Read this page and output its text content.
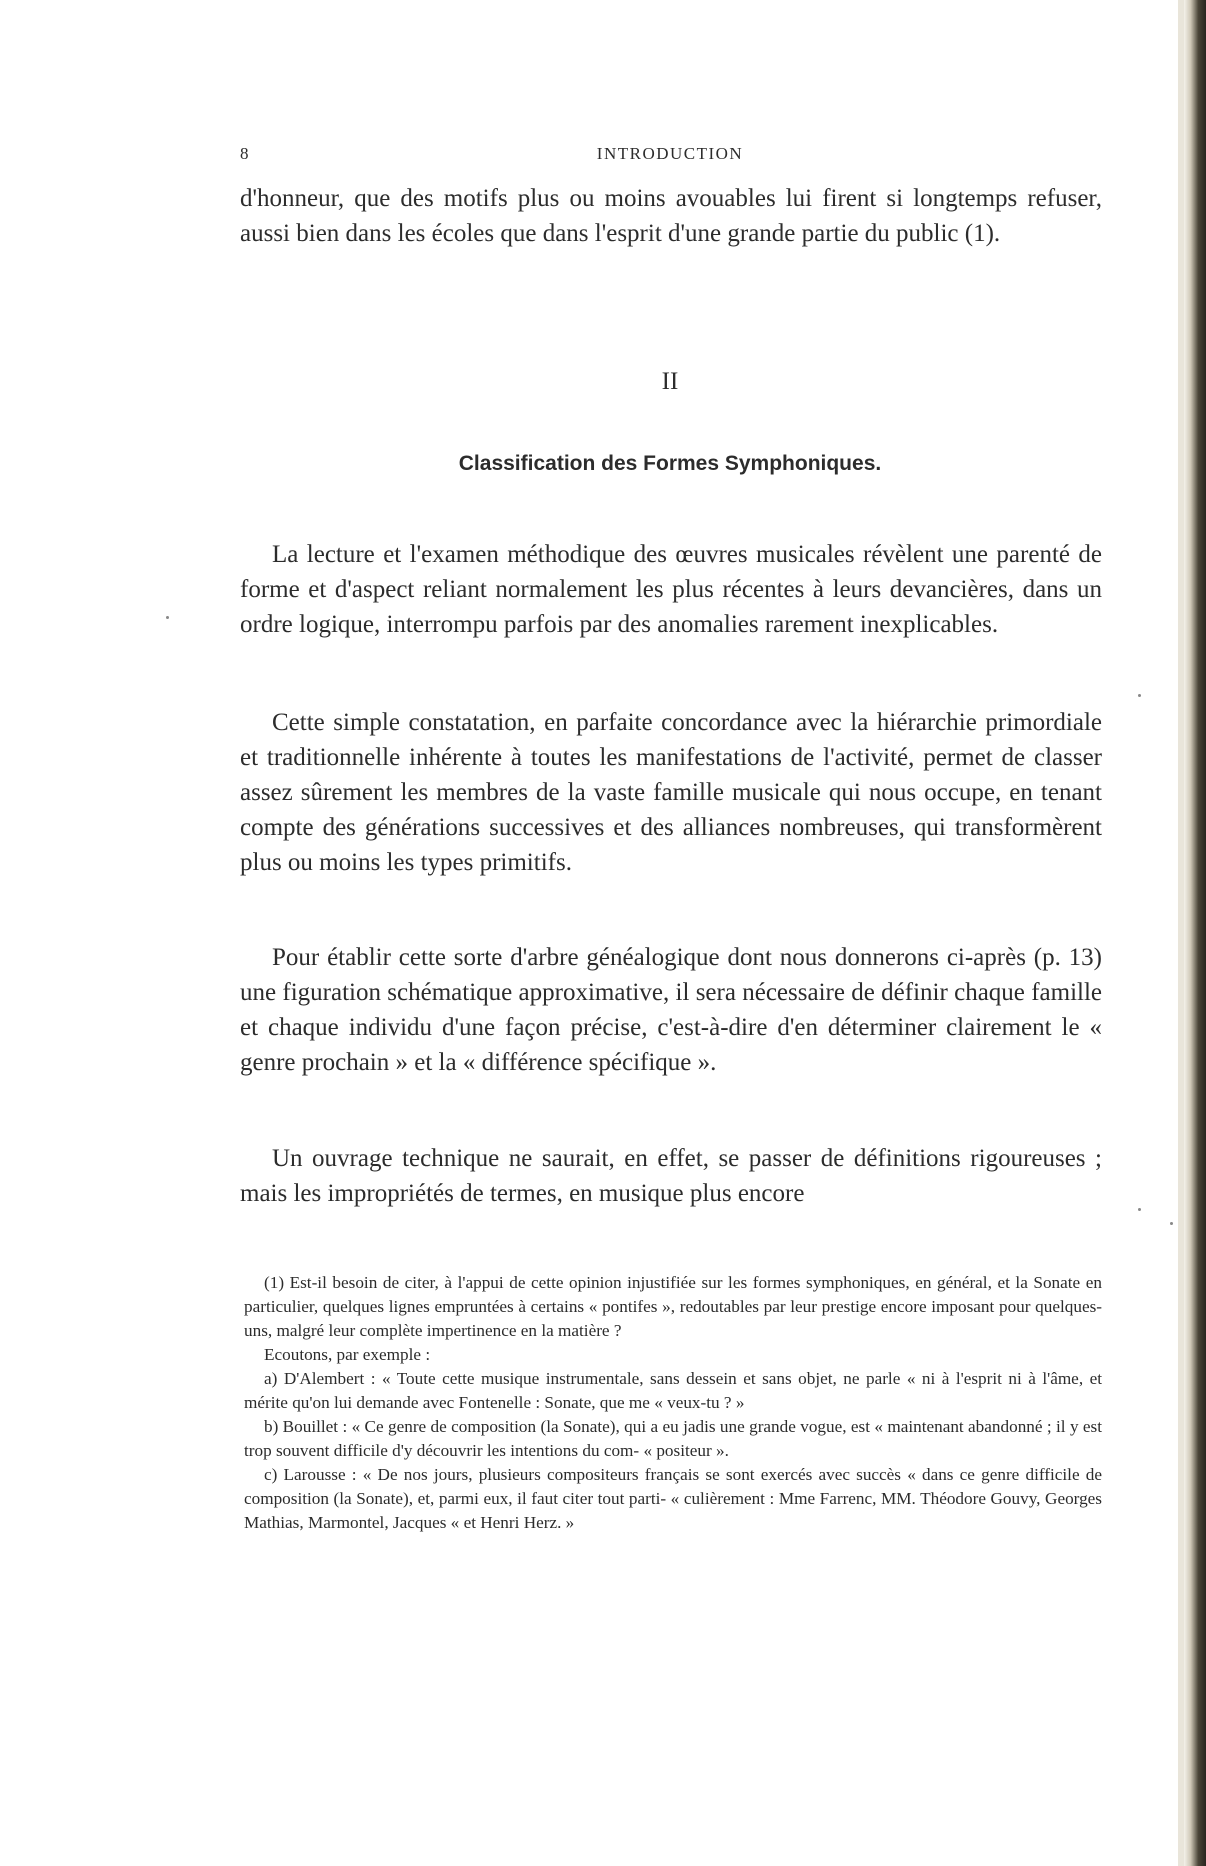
8	INTRODUCTION

d'honneur, que des motifs plus ou moins avouables lui firent si longtemps refuser, aussi bien dans les écoles que dans l'esprit d'une grande partie du public (1).

II
Classification des Formes Symphoniques.

La lecture et l'examen méthodique des œuvres musicales révèlent une parenté de forme et d'aspect reliant normalement les plus récentes à leurs devancières, dans un ordre logique, interrompu parfois par des anomalies rarement inexplicables.

Cette simple constatation, en parfaite concordance avec la hiérarchie primordiale et traditionnelle inhérente à toutes les manifestations de l'activité, permet de classer assez sûrement les membres de la vaste famille musicale qui nous occupe, en tenant compte des générations successives et des alliances nombreuses, qui transformèrent plus ou moins les types primitifs.

Pour établir cette sorte d'arbre généalogique dont nous donnerons ci-après (p. 13) une figuration schématique approximative, il sera nécessaire de définir chaque famille et chaque individu d'une façon précise, c'est-à-dire d'en déterminer clairement le « genre prochain » et la « différence spécifique ».

Un ouvrage technique ne saurait, en effet, se passer de définitions rigoureuses ; mais les impropriétés de termes, en musique plus encore

(1) Est-il besoin de citer, à l'appui de cette opinion injustifiée sur les formes symphoniques, en général, et la Sonate en particulier, quelques lignes empruntées à certains « pontifes », redoutables par leur prestige encore imposant pour quelques-uns, malgré leur complète impertinence en la matière ?

Ecoutons, par exemple :

a) D'Alembert : « Toute cette musique instrumentale, sans dessein et sans objet, ne parle « ni à l'esprit ni à l'âme, et mérite qu'on lui demande avec Fontenelle : Sonate, que me « veux-tu ? »

b) Bouillet : « Ce genre de composition (la Sonate), qui a eu jadis une grande vogue, est « maintenant abandonné ; il y est trop souvent difficile d'y découvrir les intentions du com- « positeur ».

c) Larousse : « De nos jours, plusieurs compositeurs français se sont exercés avec succès « dans ce genre difficile de composition (la Sonate), et, parmi eux, il faut citer tout parti- « culièrement : Mme Farrenc, MM. Théodore Gouvy, Georges Mathias, Marmontel, Jacques « et Henri Herz. »
